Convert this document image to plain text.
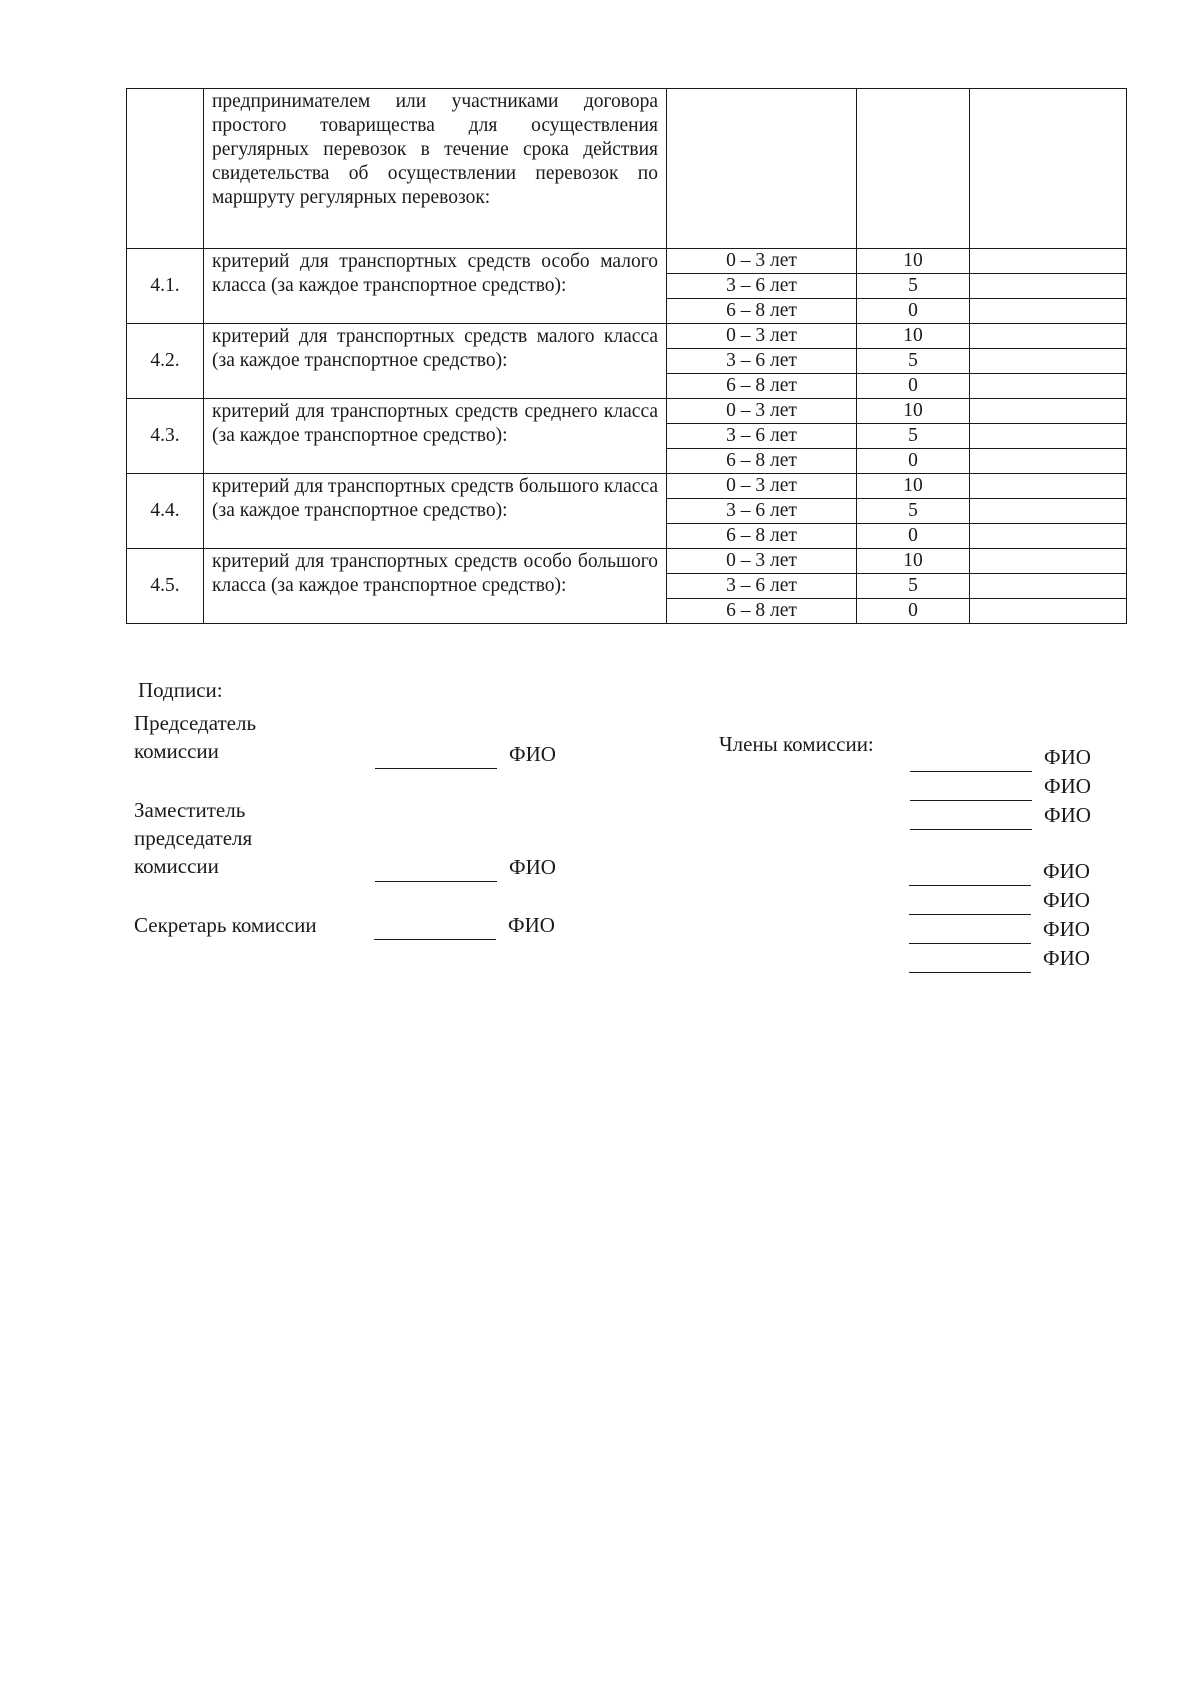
	предпринимателем или участниками договора простого товарищества для осуществления регулярных перевозок в течение срока действия свидетельства об осуществлении перевозок по маршруту регулярных перевозок:			

4.1.	критерий для транспортных средств особо малого класса (за каждое транспортное средство):	0 – 3 лет	10	
		3 – 6 лет	5	
		6 – 8 лет	0	
4.2.	критерий для транспортных средств малого класса (за каждое транспортное средство):	0 – 3 лет	10	
		3 – 6 лет	5	
		6 – 8 лет	0	
4.3.	критерий для транспортных средств среднего класса (за каждое транспортное средство):	0 – 3 лет	10	
		3 – 6 лет	5	
		6 – 8 лет	0	
4.4.	критерий для транспортных средств большого класса (за каждое транспортное средство):	0 – 3 лет	10	
		3 – 6 лет	5	
		6 – 8 лет	0	
4.5.	критерий для транспортных средств особо большого класса (за каждое транспортное средство):	0 – 3 лет	10	
		3 – 6 лет	5	
		6 – 8 лет	0	
Подписи:
Председатель
комиссии	ФИО
Заместитель
председателя
комиссии	ФИО
Секретарь комиссии	ФИО
Члены комиссии:
ФИО
ФИО
ФИО
ФИО
ФИО
ФИО
ФИО
